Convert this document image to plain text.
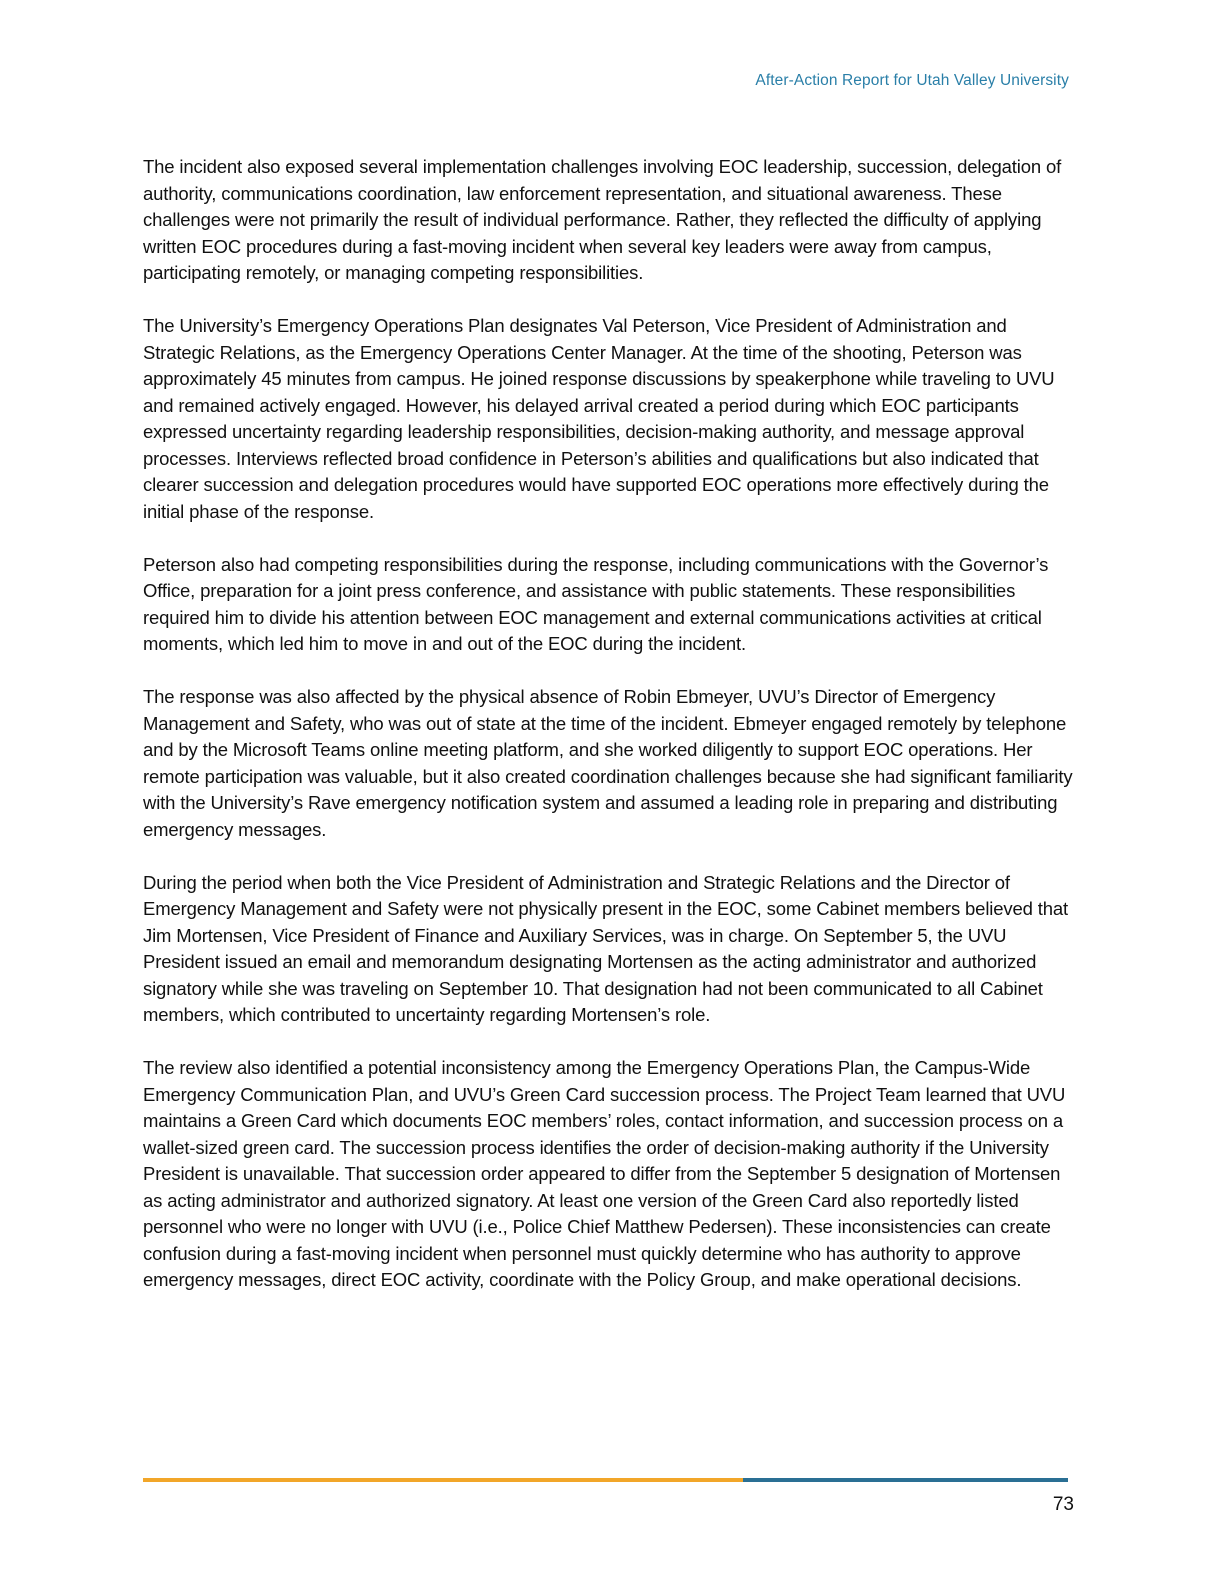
After-Action Report for Utah Valley University

The incident also exposed several implementation challenges involving EOC leadership, succession, delegation of authority, communications coordination, law enforcement representation, and situational awareness. These challenges were not primarily the result of individual performance. Rather, they reflected the difficulty of applying written EOC procedures during a fast-moving incident when several key leaders were away from campus, participating remotely, or managing competing responsibilities.

The University’s Emergency Operations Plan designates Val Peterson, Vice President of Administration and Strategic Relations, as the Emergency Operations Center Manager. At the time of the shooting, Peterson was approximately 45 minutes from campus. He joined response discussions by speakerphone while traveling to UVU and remained actively engaged. However, his delayed arrival created a period during which EOC participants expressed uncertainty regarding leadership responsibilities, decision-making authority, and message approval processes. Interviews reflected broad confidence in Peterson’s abilities and qualifications but also indicated that clearer succession and delegation procedures would have supported EOC operations more effectively during the initial phase of the response.

Peterson also had competing responsibilities during the response, including communications with the Governor’s Office, preparation for a joint press conference, and assistance with public statements. These responsibilities required him to divide his attention between EOC management and external communications activities at critical moments, which led him to move in and out of the EOC during the incident.

The response was also affected by the physical absence of Robin Ebmeyer, UVU’s Director of Emergency Management and Safety, who was out of state at the time of the incident. Ebmeyer engaged remotely by telephone and by the Microsoft Teams online meeting platform, and she worked diligently to support EOC operations. Her remote participation was valuable, but it also created coordination challenges because she had significant familiarity with the University’s Rave emergency notification system and assumed a leading role in preparing and distributing emergency messages.

During the period when both the Vice President of Administration and Strategic Relations and the Director of Emergency Management and Safety were not physically present in the EOC, some Cabinet members believed that Jim Mortensen, Vice President of Finance and Auxiliary Services, was in charge. On September 5, the UVU President issued an email and memorandum designating Mortensen as the acting administrator and authorized signatory while she was traveling on September 10. That designation had not been communicated to all Cabinet members, which contributed to uncertainty regarding Mortensen’s role.

The review also identified a potential inconsistency among the Emergency Operations Plan, the Campus-Wide Emergency Communication Plan, and UVU’s Green Card succession process. The Project Team learned that UVU maintains a Green Card which documents EOC members’ roles, contact information, and succession process on a wallet-sized green card. The succession process identifies the order of decision-making authority if the University President is unavailable. That succession order appeared to differ from the September 5 designation of Mortensen as acting administrator and authorized signatory. At least one version of the Green Card also reportedly listed personnel who were no longer with UVU (i.e., Police Chief Matthew Pedersen). These inconsistencies can create confusion during a fast-moving incident when personnel must quickly determine who has authority to approve emergency messages, direct EOC activity, coordinate with the Policy Group, and make operational decisions.

73
